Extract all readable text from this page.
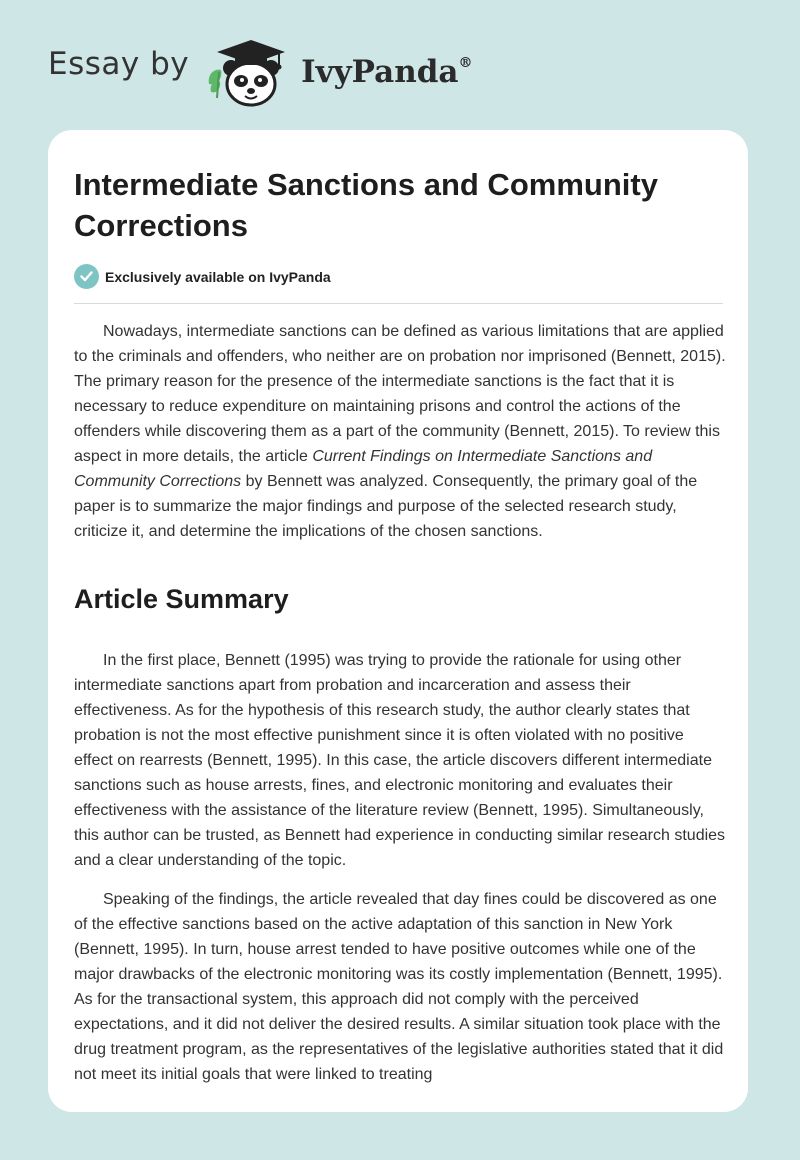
Essay by	IvyPanda®
Intermediate Sanctions and Community Corrections
Exclusively available on IvyPanda

Nowadays, intermediate sanctions can be defined as various limitations that are applied to the criminals and offenders, who neither are on probation nor imprisoned (Bennett, 2015). The primary reason for the presence of the intermediate sanctions is the fact that it is necessary to reduce expenditure on maintaining prisons and control the actions of the offenders while discovering them as a part of the community (Bennett, 2015). To review this aspect in more details, the article Current Findings on Intermediate Sanctions and Community Corrections by Bennett was analyzed. Consequently, the primary goal of the paper is to summarize the major findings and purpose of the selected research study, criticize it, and determine the implications of the chosen sanctions.

Article Summary

In the first place, Bennett (1995) was trying to provide the rationale for using other intermediate sanctions apart from probation and incarceration and assess their effectiveness. As for the hypothesis of this research study, the author clearly states that probation is not the most effective punishment since it is often violated with no positive effect on rearrests (Bennett, 1995). In this case, the article discovers different intermediate sanctions such as house arrests, fines, and electronic monitoring and evaluates their effectiveness with the assistance of the literature review (Bennett, 1995). Simultaneously, this author can be trusted, as Bennett had experience in conducting similar research studies and a clear understanding of the topic.

Speaking of the findings, the article revealed that day fines could be discovered as one of the effective sanctions based on the active adaptation of this sanction in New York (Bennett, 1995). In turn, house arrest tended to have positive outcomes while one of the major drawbacks of the electronic monitoring was its costly implementation (Bennett, 1995). As for the transactional system, this approach did not comply with the perceived expectations, and it did not deliver the desired results. A similar situation took place with the drug treatment program, as the representatives of the legislative authorities stated that it did not meet its initial goals that were linked to treating
